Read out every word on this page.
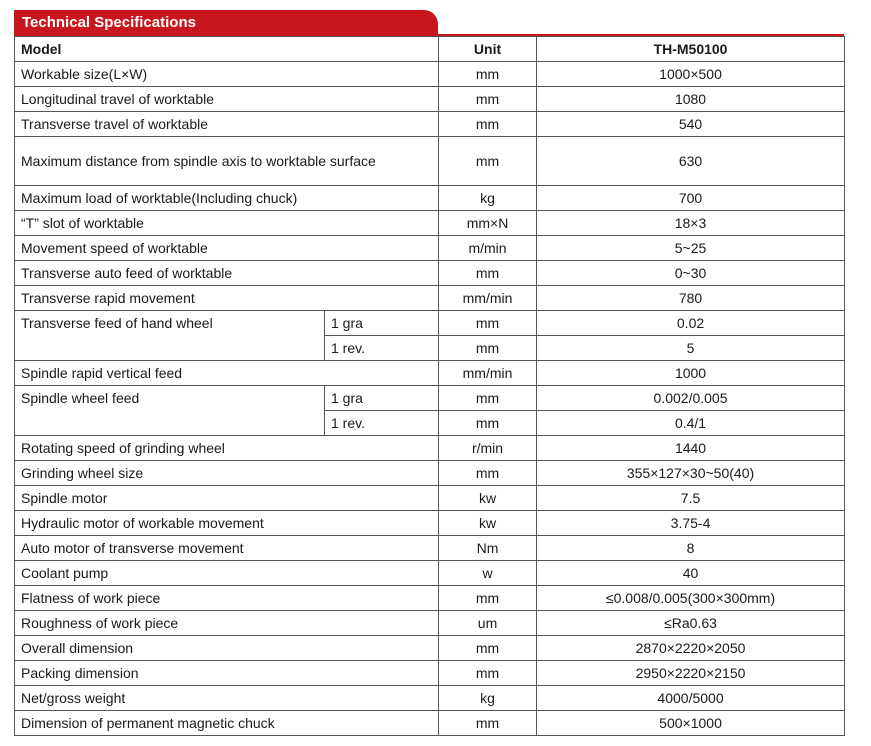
Technical Specifications
Model		Unit	TH-M50100
Workable size(L×W)		mm	1000×500
Longitudinal travel of worktable		mm	1080
Transverse travel of worktable		mm	540
Maximum distance from spindle axis to worktable surface		mm	630
Maximum load of worktable(Including chuck)		kg	700
“T” slot of worktable		mm×N	18×3
Movement speed of worktable		m/min	5~25
Transverse auto feed of worktable		mm	0~30
Transverse rapid movement		mm/min	780
Transverse feed of hand wheel	1 gra	mm	0.02
	1 rev.	mm	5
Spindle rapid vertical feed		mm/min	1000
Spindle wheel feed	1 gra	mm	0.002/0.005
	1 rev.	mm	0.4/1
Rotating speed of grinding wheel		r/min	1440
Grinding wheel size		mm	355×127×30~50(40)
Spindle motor		kw	7.5
Hydraulic motor of workable movement		kw	3.75-4
Auto motor of transverse movement		Nm	8
Coolant pump		w	40
Flatness of work piece		mm	≤0.008/0.005(300×300mm)
Roughness of work piece		um	≤Ra0.63
Overall dimension		mm	2870×2220×2050
Packing dimension		mm	2950×2220×2150
Net/gross weight		kg	4000/5000
Dimension of permanent magnetic chuck		mm	500×1000
